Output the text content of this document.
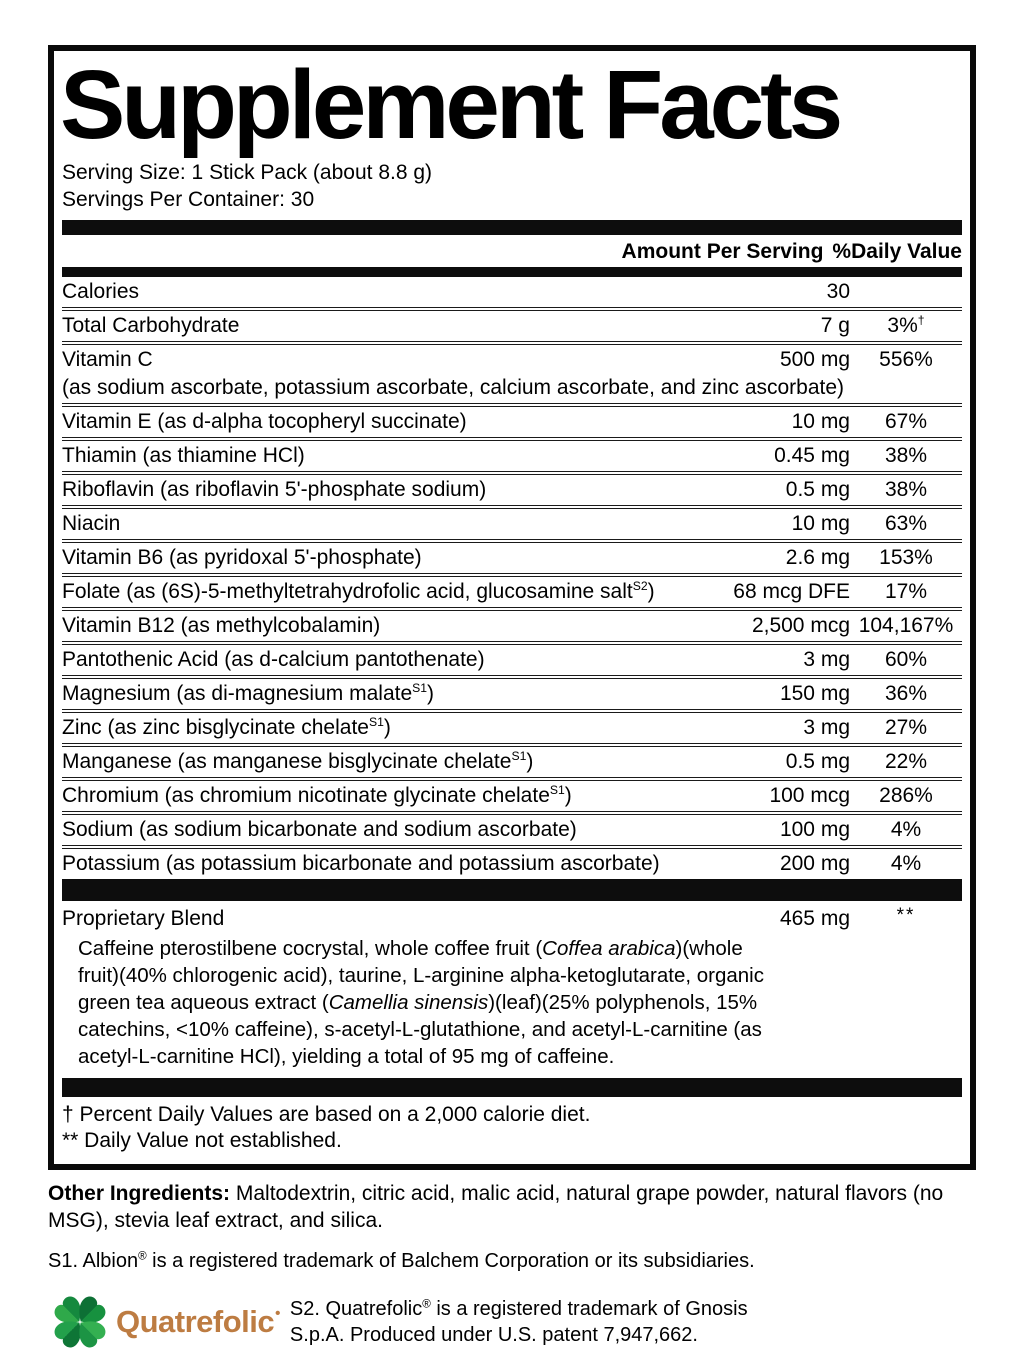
Supplement Facts
Serving Size: 1 Stick Pack (about 8.8 g)
Servings Per Container: 30
Amount Per Serving %Daily Value
Calories	30
Total Carbohydrate	7 g	3%†
Vitamin C	500 mg	556%
(as sodium ascorbate, potassium ascorbate, calcium ascorbate, and zinc ascorbate)
Vitamin E (as d-alpha tocopheryl succinate)	10 mg	67%
Thiamin (as thiamine HCl)	0.45 mg	38%
Riboflavin (as riboflavin 5'-phosphate sodium)	0.5 mg	38%
Niacin	10 mg	63%
Vitamin B6 (as pyridoxal 5'-phosphate)	2.6 mg	153%
Folate (as (6S)-5-methyltetrahydrofolic acid, glucosamine salt$^{S2}$)	68 mcg DFE	17%
Vitamin B12 (as methylcobalamin)	2,500 mcg 104,167%
Pantothenic Acid (as d-calcium pantothenate)	3 mg	60%
Magnesium (as di-magnesium malate$^{S1}$)	150 mg	36%
Zinc (as zinc bisglycinate chelate$^{S1}$)	3 mg	27%
Manganese (as manganese bisglycinate chelate$^{S1}$)	0.5 mg	22%
Chromium (as chromium nicotinate glycinate chelate$^{S1}$)	100 mcg	286%
Sodium (as sodium bicarbonate and sodium ascorbate)	100 mg	4%
Potassium (as potassium bicarbonate and potassium ascorbate)	200 mg	4%
Proprietary Blend	465 mg	**
Caffeine pterostilbene cocrystal, whole coffee fruit (Coffea arabica)(whole fruit)(40% chlorogenic acid), taurine, L-arginine alpha-ketoglutarate, organic green tea aqueous extract (Camellia sinensis)(leaf)(25% polyphenols, 15% catechins, <10% caffeine), s-acetyl-L-glutathione, and acetyl-L-carnitine (as acetyl-L-carnitine HCl), yielding a total of 95 mg of caffeine.
† Percent Daily Values are based on a 2,000 calorie diet.
** Daily Value not established.
Other Ingredients: Maltodextrin, citric acid, malic acid, natural grape powder, natural flavors (no MSG), stevia leaf extract, and silica.
S1. Albion® is a registered trademark of Balchem Corporation or its subsidiaries.
Quatrefolic• S2. Quatrefolic® is a registered trademark of Gnosis
S.p.A. Produced under U.S. patent 7,947,662.
